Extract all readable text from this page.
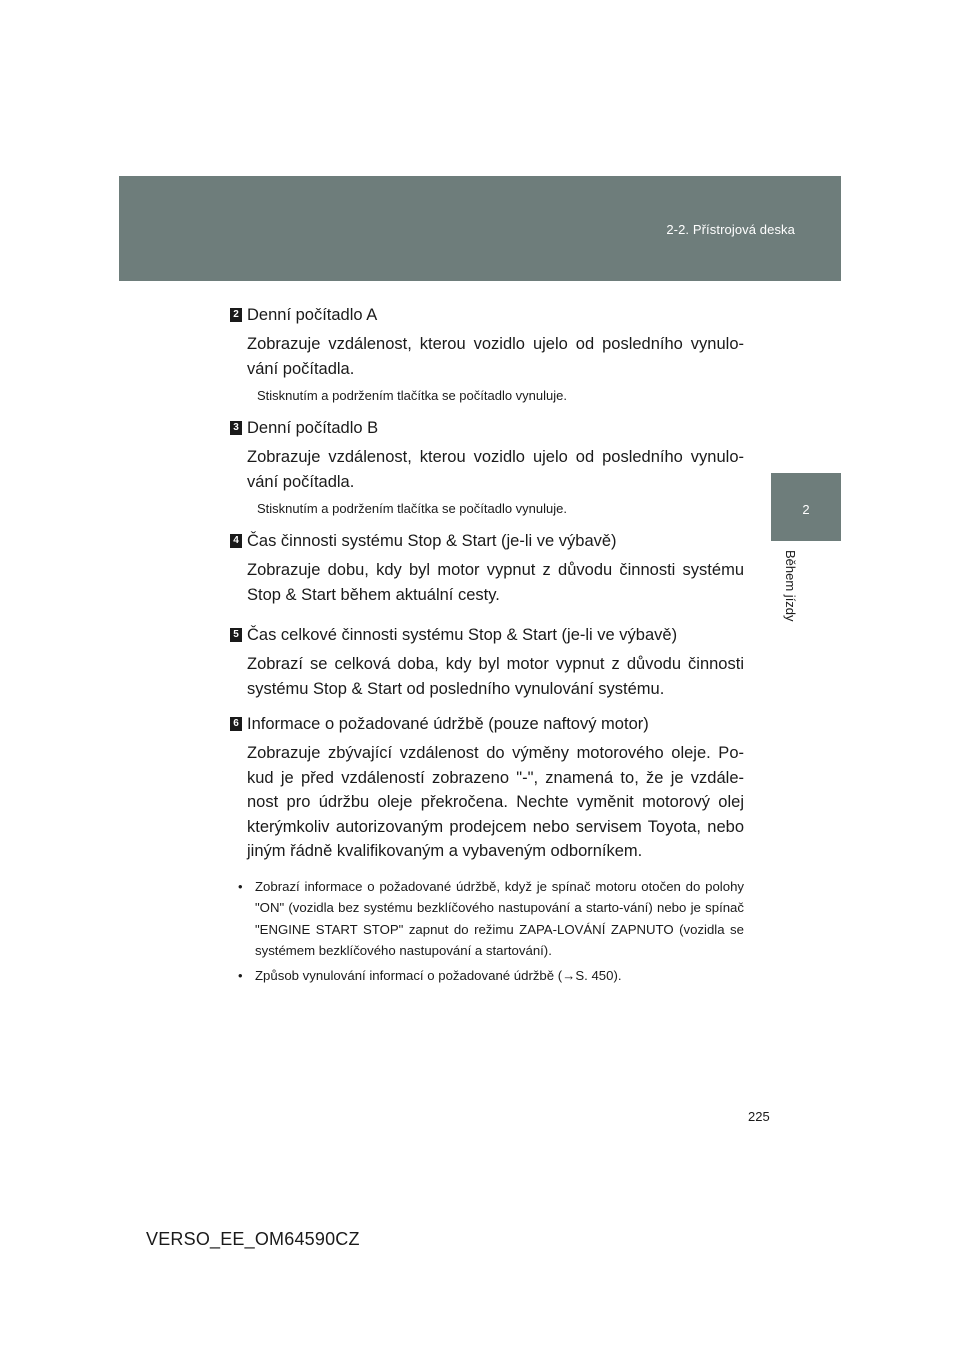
2-2. Přístrojová deska
2
Během jízdy
2 Denní počítadlo A
Zobrazuje vzdálenost, kterou vozidlo ujelo od posledního vynulo-vání počítadla.
Stisknutím a podržením tlačítka se počítadlo vynuluje.
3 Denní počítadlo B
Zobrazuje vzdálenost, kterou vozidlo ujelo od posledního vynulo-vání počítadla.
Stisknutím a podržením tlačítka se počítadlo vynuluje.
4 Čas činnosti systému Stop & Start (je-li ve výbavě)
Zobrazuje dobu, kdy byl motor vypnut z důvodu činnosti systému Stop & Start během aktuální cesty.
5 Čas celkové činnosti systému Stop & Start (je-li ve výbavě)
Zobrazí se celková doba, kdy byl motor vypnut z důvodu činnosti systému Stop & Start od posledního vynulování systému.
6 Informace o požadované údržbě (pouze naftový motor)
Zobrazuje zbývající vzdálenost do výměny motorového oleje. Po-kud je před vzdáleností zobrazeno "-", znamená to, že je vzdále-nost pro údržbu oleje překročena. Nechte vyměnit motorový olej kterýmkoliv autorizovaným prodejcem nebo servisem Toyota, nebo jiným řádně kvalifikovaným a vybaveným odborníkem.
• Zobrazí informace o požadované údržbě, když je spínač motoru otočen do polohy "ON" (vozidla bez systému bezklíčového nastupování a starto-vání) nebo je spínač "ENGINE START STOP" zapnut do režimu ZAPA-LOVÁNÍ ZAPNUTO (vozidla se systémem bezklíčového nastupování a startování).
• Způsob vynulování informací o požadované údržbě (→S. 450).
225
VERSO_EE_OM64590CZ
